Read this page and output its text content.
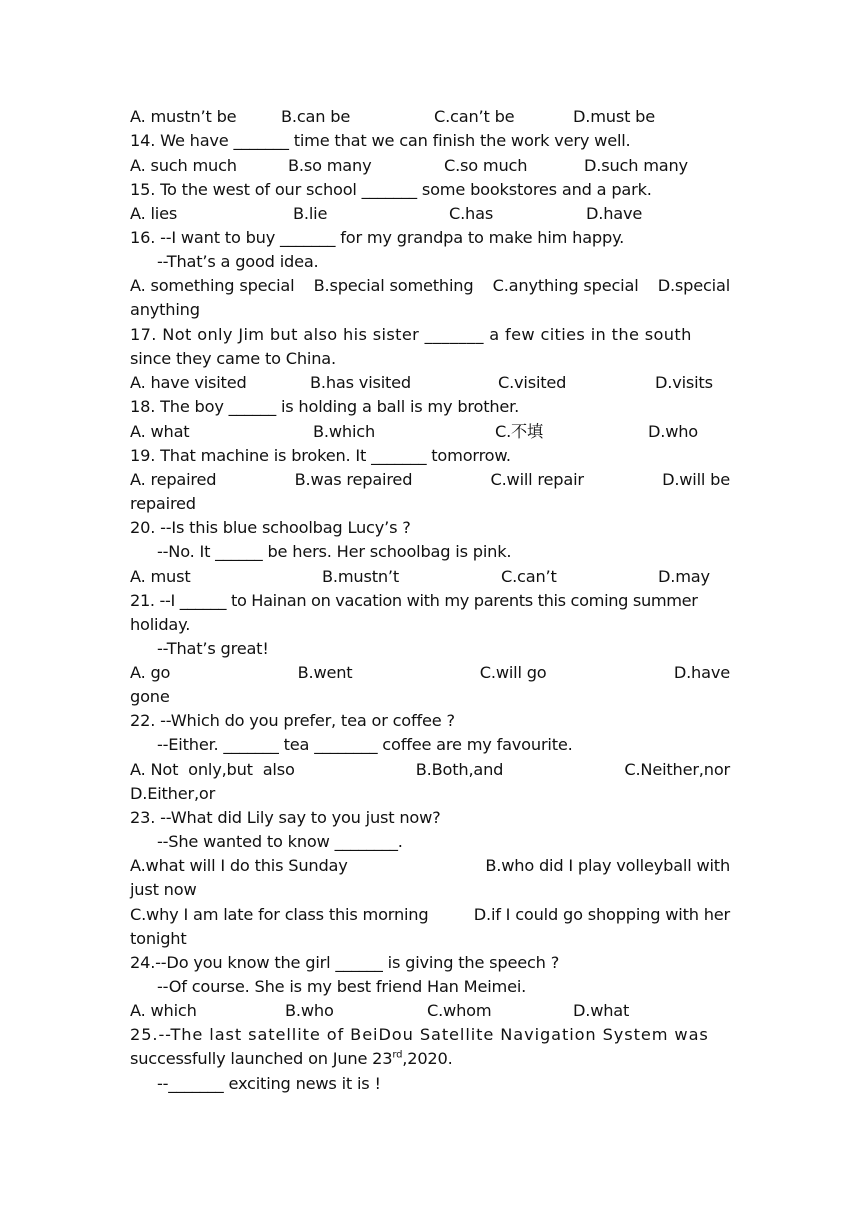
A. mustn’t be	B.can be	C.can’t be	D.must be
14. We have _______ time that we can finish the work very well.
A. such much	B.so many	C.so much	D.such many
15. To the west of our school _______ some bookstores and a park.
A. lies	B.lie	C.has	D.have
16. --I want to buy _______ for my grandpa to make him happy.
--That’s a good idea.
A. something special B.special something C.anything special D.special
anything
17. Not only Jim but also his sister _______ a few cities in the south
since they came to China.
A. have visited	B.has visited	C.visited	D.visits
18. The boy ______ is holding a ball is my brother.
A. what	B.which	C.不填	D.who
19. That machine is broken. It _______ tomorrow.
A. repaired	B.was repaired	C.will repair	D.will be
repaired
20. --Is this blue schoolbag Lucy’s ?
--No. It ______ be hers. Her schoolbag is pink.
A. must	B.mustn’t	C.can’t	D.may
21. --I ______ to Hainan on vacation with my parents this coming summer
holiday.
--That’s great!
A. go	B.went	C.will go	D.have
gone
22. --Which do you prefer, tea or coffee ?
--Either. _______ tea ________ coffee are my favourite.
A. Not  only,but  also	B.Both,and	C.Neither,nor
D.Either,or
23. --What did Lily say to you just now?
--She wanted to know ________.
A.what will I do this Sunday	B.who did I play volleyball with
just now
C.why I am late for class this morning	D.if I could go shopping with her
tonight
24.--Do you know the girl ______ is giving the speech ?
--Of course. She is my best friend Han Meimei.
A. which	B.who	C.whom	D.what
25.--The last satellite of BeiDou Satellite Navigation System was
successfully launched on June 23rd,2020.
--_______ exciting news it is !
